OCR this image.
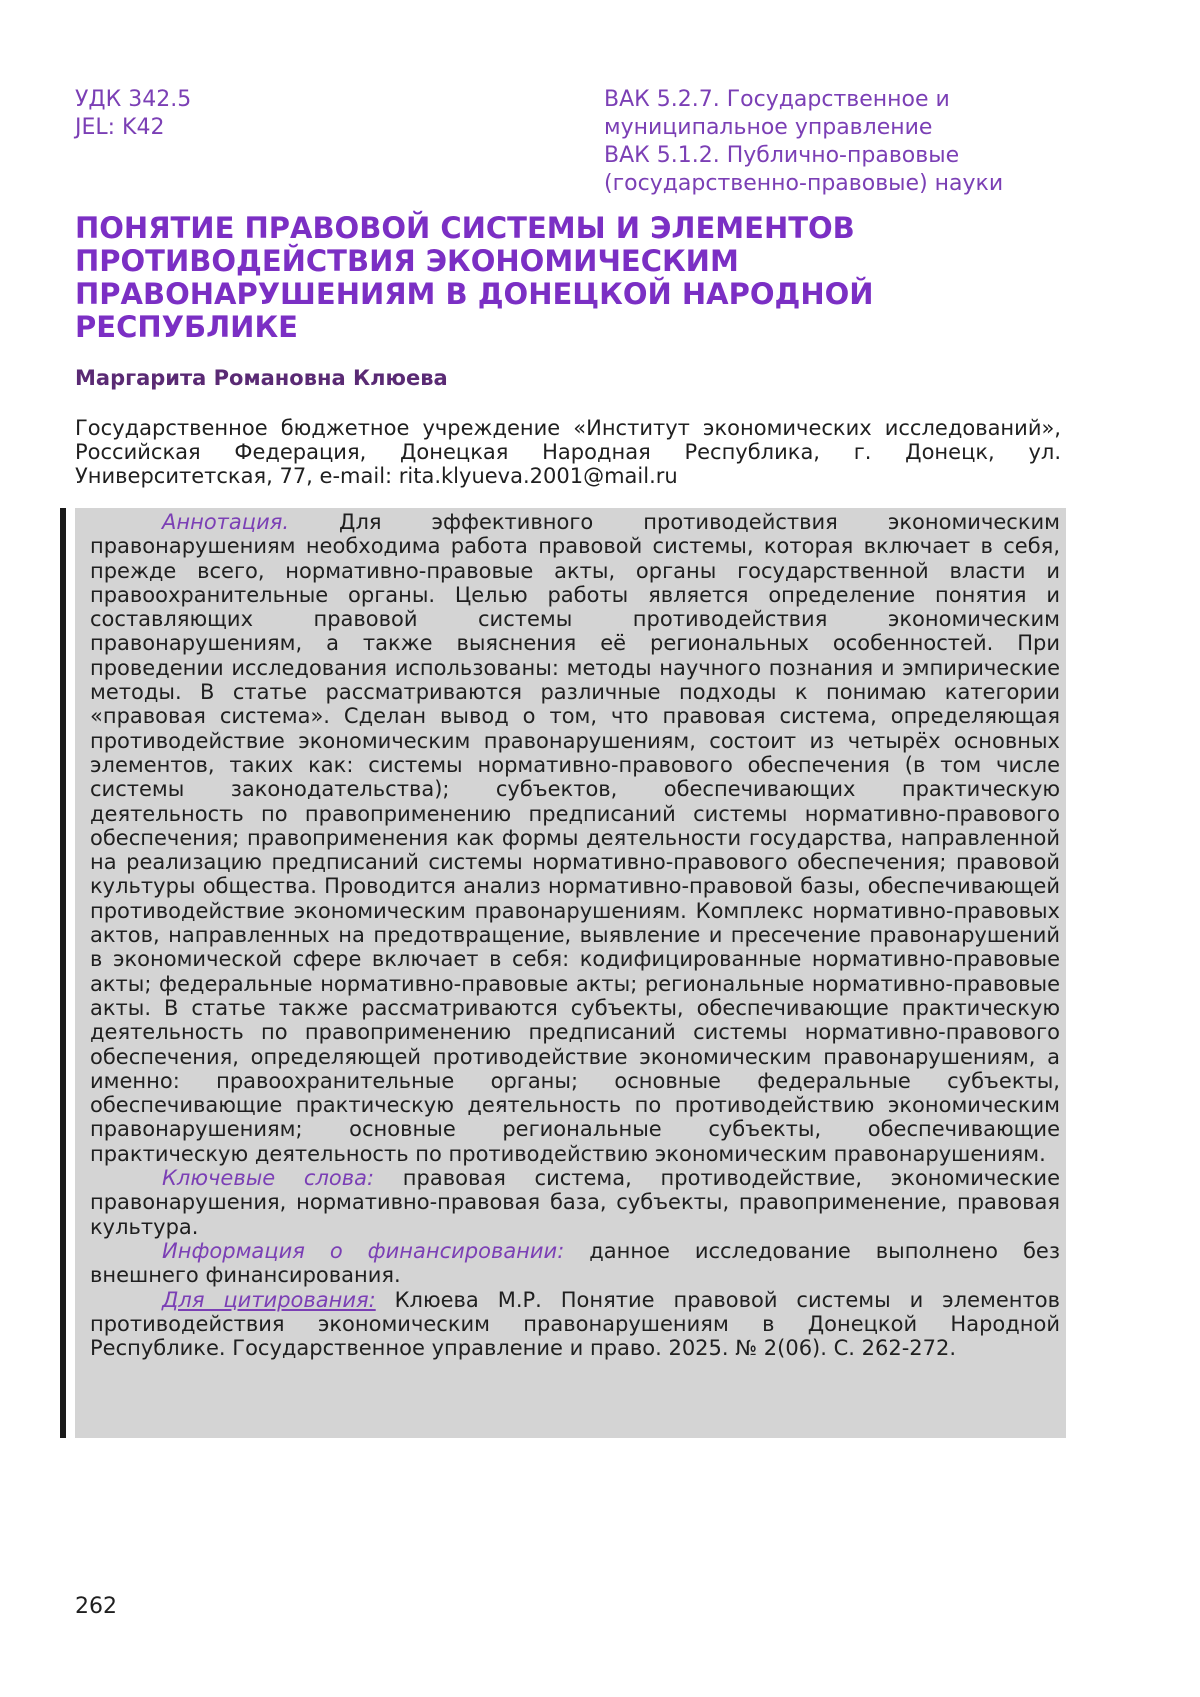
УДК 342.5
JEL: K42
ВАК 5.2.7. Государственное и
муниципальное управление
ВАК 5.1.2. Публично-правовые
(государственно-правовые) науки
ПОНЯТИЕ ПРАВОВОЙ СИСТЕМЫ И ЭЛЕМЕНТОВ ПРОТИВОДЕЙСТВИЯ ЭКОНОМИЧЕСКИМ ПРАВОНАРУШЕНИЯМ В ДОНЕЦКОЙ НАРОДНОЙ РЕСПУБЛИКЕ
Маргарита Романовна Клюева
Государственное бюджетное учреждение «Институт экономических исследований», Российская Федерация, Донецкая Народная Республика, г. Донецк, ул. Университетская, 77, e-mail: rita.klyueva.2001@mail.ru

Аннотация. Для эффективного противодействия экономическим правонарушениям необходима работа правовой системы, которая включает в себя, прежде всего, нормативно-правовые акты, органы государственной власти и правоохранительные органы. Целью работы является определение понятия и составляющих правовой системы противодействия экономическим правонарушениям, а также выяснения её региональных особенностей. При проведении исследования использованы: методы научного познания и эмпирические методы. В статье рассматриваются различные подходы к понимаю категории «правовая система». Сделан вывод о том, что правовая система, определяющая противодействие экономическим правонарушениям, состоит из четырёх основных элементов, таких как: системы нормативно-правового обеспечения (в том числе системы законодательства); субъектов, обеспечивающих практическую деятельность по правоприменению предписаний системы нормативно-правового обеспечения; правоприменения как формы деятельности государства, направленной на реализацию предписаний системы нормативно-правового обеспечения; правовой культуры общества. Проводится анализ нормативно-правовой базы, обеспечивающей противодействие экономическим правонарушениям. Комплекс нормативно-правовых актов, направленных на предотвращение, выявление и пресечение правонарушений в экономической сфере включает в себя: кодифицированные нормативно-правовые акты; федеральные нормативно-правовые акты; региональные нормативно-правовые акты. В статье также рассматриваются субъекты, обеспечивающие практическую деятельность по правоприменению предписаний системы нормативно-правового обеспечения, определяющей противодействие экономическим правонарушениям, а именно: правоохранительные органы; основные федеральные субъекты, обеспечивающие практическую деятельность по противодействию экономическим правонарушениям; основные региональные субъекты, обеспечивающие практическую деятельность по противодействию экономическим правонарушениям.

Ключевые слова: правовая система, противодействие, экономические правонарушения, нормативно-правовая база, субъекты, правоприменение, правовая культура.

Информация о финансировании: данное исследование выполнено без внешнего финансирования.

Для цитирования: Клюева М.Р. Понятие правовой системы и элементов противодействия экономическим правонарушениям в Донецкой Народной Республике. Государственное управление и право. 2025. № 2(06). С. 262-272.

262
